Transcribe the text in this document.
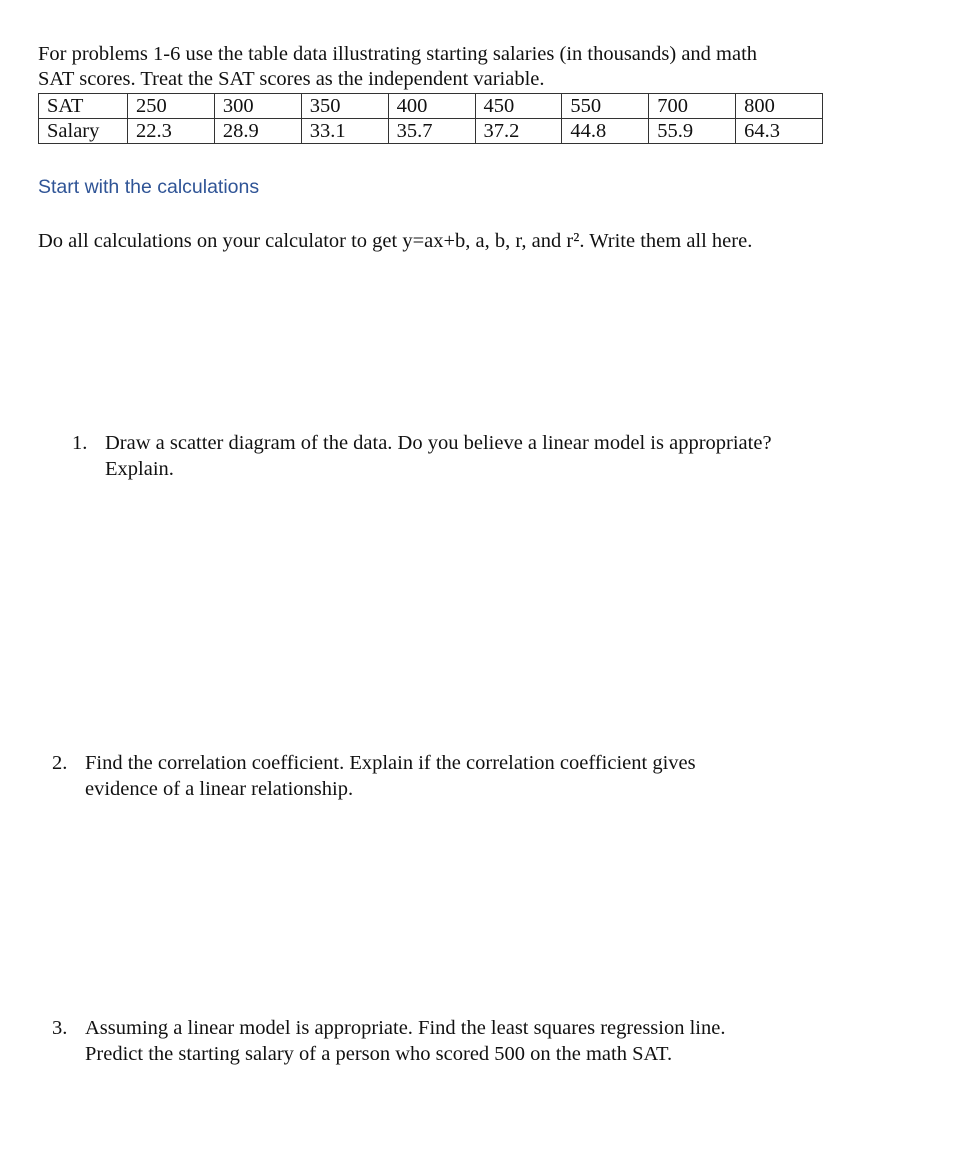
For problems 1-6 use the table data illustrating starting salaries (in thousands) and math
SAT scores. Treat the SAT scores as the independent variable.

SAT	250	300	350	400	450	550	700	800
Salary	22.3	28.9	33.1	35.7	37.2	44.8	55.9	64.3

Start with the calculations

Do all calculations on your calculator to get y=ax+b, a, b, r, and r². Write them all here.

1. Draw a scatter diagram of the data. Do you believe a linear model is appropriate?
Explain.
2. Find the correlation coefficient. Explain if the correlation coefficient gives
evidence of a linear relationship.
3. Assuming a linear model is appropriate. Find the least squares regression line.
Predict the starting salary of a person who scored 500 on the math SAT.
